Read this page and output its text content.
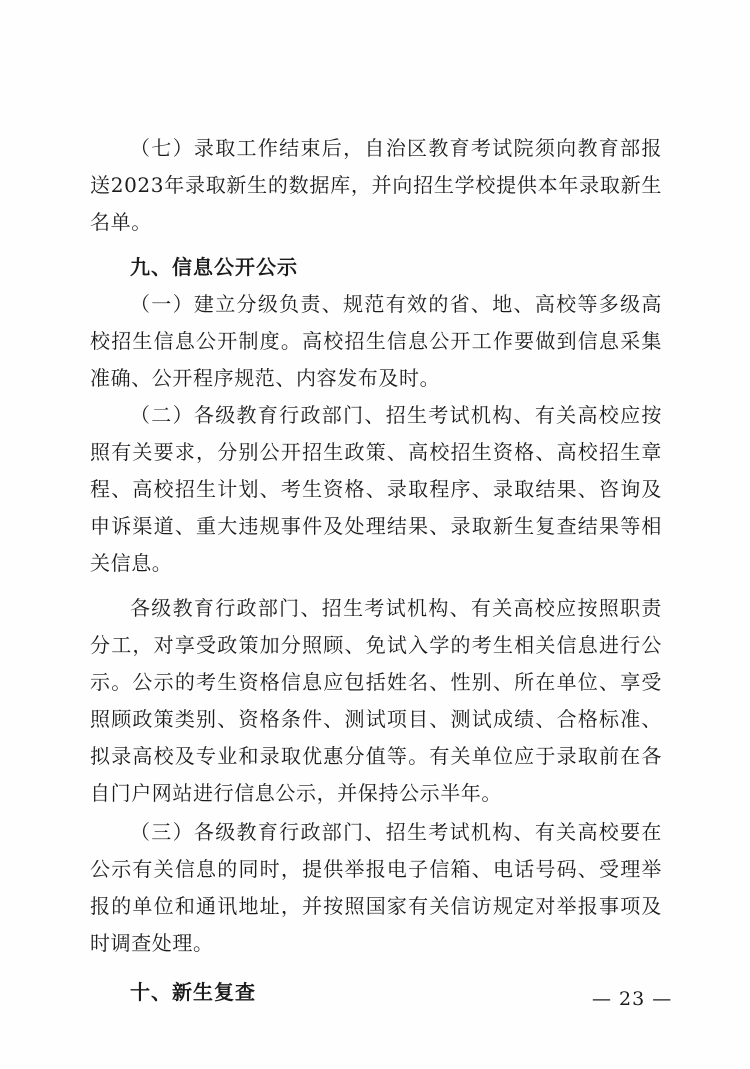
（七）录取工作结束后，自治区教育考试院须向教育部报送2023年录取新生的数据库，并向招生学校提供本年录取新生名单。

九、信息公开公示

（一）建立分级负责、规范有效的省、地、高校等多级高校招生信息公开制度。高校招生信息公开工作要做到信息采集准确、公开程序规范、内容发布及时。

（二）各级教育行政部门、招生考试机构、有关高校应按照有关要求，分别公开招生政策、高校招生资格、高校招生章程、高校招生计划、考生资格、录取程序、录取结果、咨询及申诉渠道、重大违规事件及处理结果、录取新生复查结果等相关信息。

各级教育行政部门、招生考试机构、有关高校应按照职责分工，对享受政策加分照顾、免试入学的考生相关信息进行公示。公示的考生资格信息应包括姓名、性别、所在单位、享受照顾政策类别、资格条件、测试项目、测试成绩、合格标准、拟录高校及专业和录取优惠分值等。有关单位应于录取前在各自门户网站进行信息公示，并保持公示半年。

（三）各级教育行政部门、招生考试机构、有关高校要在公示有关信息的同时，提供举报电子信箱、电话号码、受理举报的单位和通讯地址，并按照国家有关信访规定对举报事项及时调查处理。

十、新生复查	— 23 —
